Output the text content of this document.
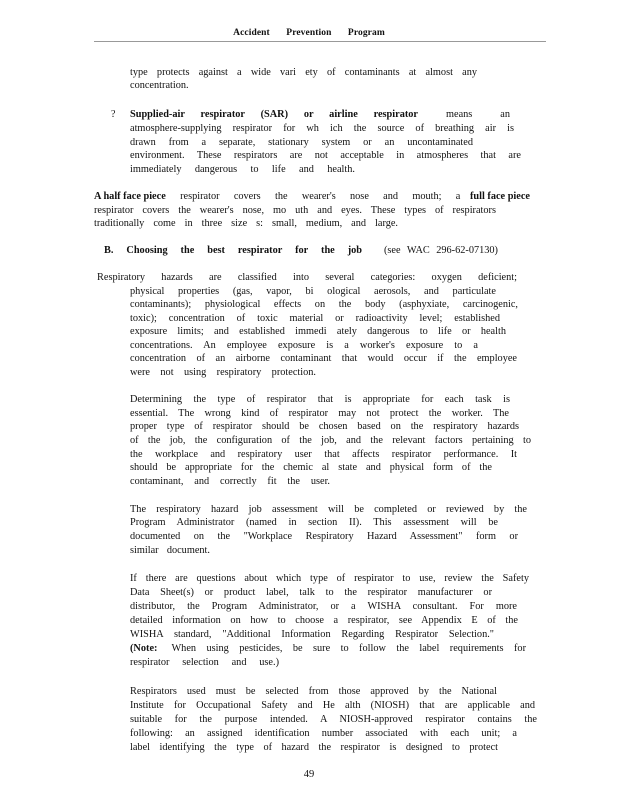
Accident Prevention Program
type protects against a wide vari ety of contaminants at almost any
concentration.
? Supplied-air respirator (SAR) or airline respirator	means an
atmosphere-supplying respirator for wh ich the source of breathing air is
drawn from a separate, stationary system or an uncontaminated
environment. These respirators are not acceptable in atmospheres that are
immediately dangerous to life and health.
A half face piece respirator covers the wearer's nose and mouth; a full face piece
respirator covers the wearer's nose, mo uth and eyes. These types of respirators
traditionally come in three size s: small, medium, and large.
B. Choosing the best respirator for the job (see WAC 296-62-07130)
Respiratory hazards are classified into several categories: oxygen deficient;
physical properties (gas, vapor, bi ological aerosols, and particulate
contaminants); physiological effects on the body (asphyxiate, carcinogenic,
toxic); concentration of toxic material or radioactivity level; established
exposure limits; and established immedi ately dangerous to life or health
concentrations. An employee exposure is a worker's exposure to a
concentration of an airborne contaminant that would occur if the employee
were not using respiratory protection.
Determining the type of respirator that is appropriate for each task is
essential. The wrong kind of respirator may not protect the worker. The
proper type of respirator should be chosen based on the respiratory hazards
of the job, the configuration of the job, and the relevant factors pertaining to
the workplace and respiratory user that affects respirator performance. It
should be appropriate for the chemic al state and physical form of the
contaminant, and correctly fit the user.
The respiratory hazard job assessment will be completed or reviewed by the
Program Administrator (named in section II). This assessment will be
documented on the "Workplace Respiratory Hazard Assessment" form or
similar document.
If there are questions about which type of respirator to use, review the Safety
Data Sheet(s) or product label, talk to the respirator manufacturer or
distributor, the Program Administrator, or a WISHA consultant. For more
detailed information on how to choose a respirator, see Appendix E of the
WISHA standard, "Additional Information Regarding Respirator Selection."
(Note: When using pesticides, be sure to follow the label requirements for
respirator selection and use.)
Respirators used must be selected from those approved by the National
Institute for Occupational Safety and He alth (NIOSH) that are applicable and
suitable for the purpose intended. A NIOSH-approved respirator contains the
following: an assigned identification number associated with each unit; a
label identifying the type of hazard the respirator is designed to protect
49
